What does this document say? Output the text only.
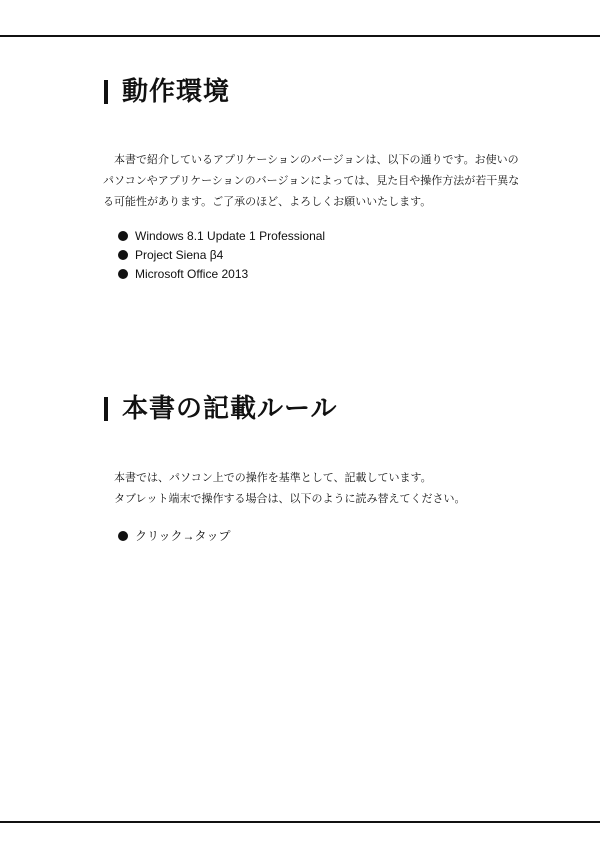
動作環境

　本書で紹介しているアプリケーションのバージョンは、以下の通りです。お使いの

パソコンやアプリケーションのバージョンによっては、見た目や操作方法が若干異な

る可能性があります。ご了承のほど、よろしくお願いいたします。

Windows 8.1 Update 1 Professional
Project Siena β4
Microsoft Office 2013
本書の記載ルール

　本書では、パソコン上での操作を基準として、記載しています。

　タブレット端末で操作する場合は、以下のように読み替えてください。

クリック→タップ
